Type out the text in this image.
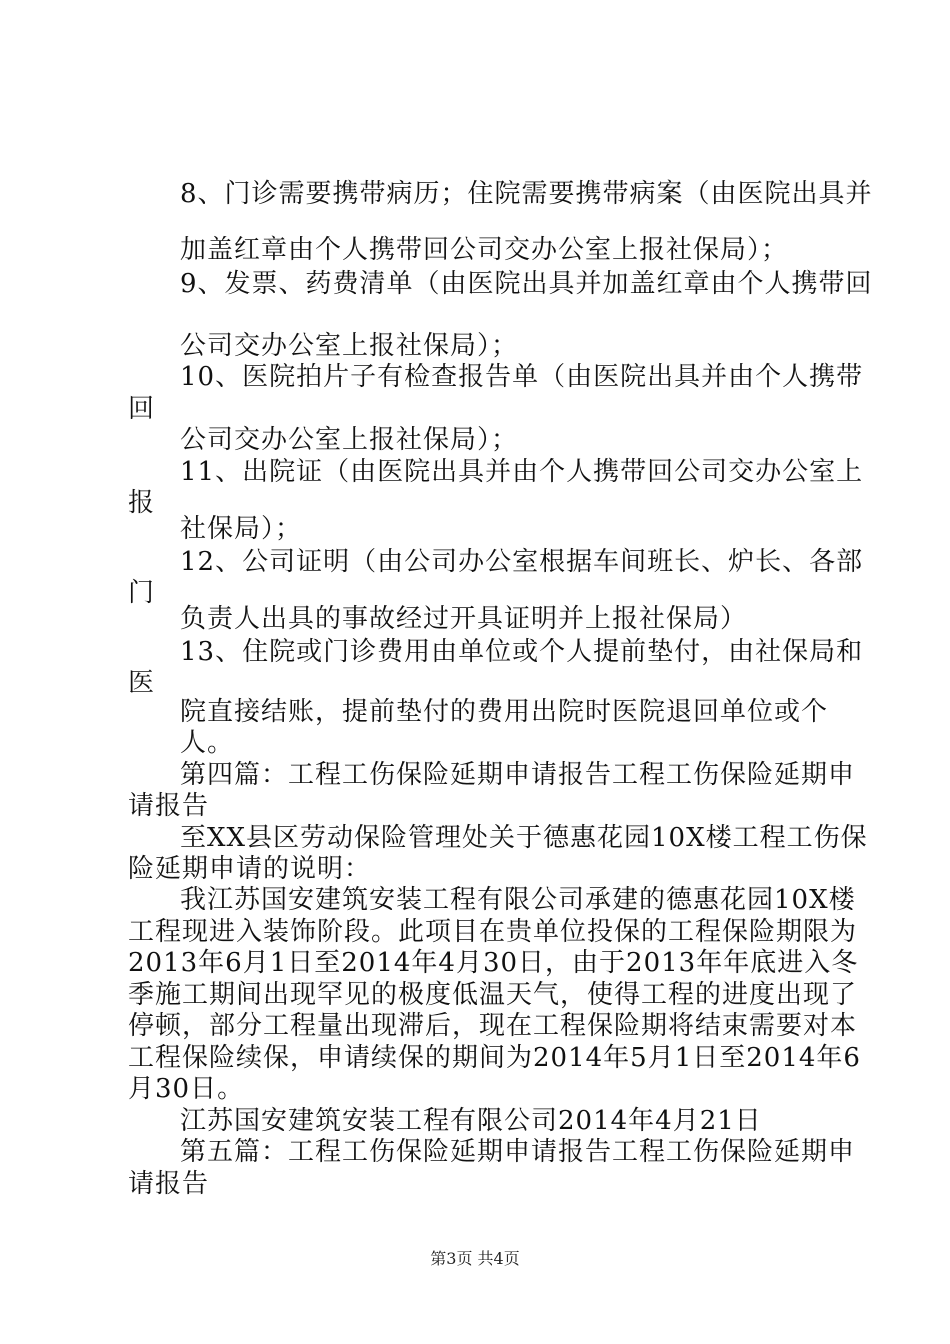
8、门诊需要携带病历；住院需要携带病案（由医院出具并
加盖红章由个人携带回公司交办公室上报社保局）；
9、发票、药费清单（由医院出具并加盖红章由个人携带回
公司交办公室上报社保局）；
10、医院拍片子有检查报告单（由医院出具并由个人携带
回
公司交办公室上报社保局）；
11、出院证（由医院出具并由个人携带回公司交办公室上
报
社保局）；
12、公司证明（由公司办公室根据车间班长、炉长、各部
门
负责人出具的事故经过开具证明并上报社保局）
13、住院或门诊费用由单位或个人提前垫付，由社保局和
医
院直接结账，提前垫付的费用出院时医院退回单位或个
人。
第四篇：工程工伤保险延期申请报告工程工伤保险延期申
请报告
至XX县区劳动保险管理处关于德惠花园10X楼工程工伤保
险延期申请的说明：
我江苏国安建筑安装工程有限公司承建的德惠花园10X楼
工程现进入装饰阶段。此项目在贵单位投保的工程保险期限为
2013年6月1日至2014年4月30日，由于2013年年底进入冬
季施工期间出现罕见的极度低温天气，使得工程的进度出现了
停顿，部分工程量出现滞后，现在工程保险期将结束需要对本
工程保险续保，申请续保的期间为2014年5月1日至2014年6
月30日。
江苏国安建筑安装工程有限公司2014年4月21日
第五篇：工程工伤保险延期申请报告工程工伤保险延期申
请报告
第3页 共4页
